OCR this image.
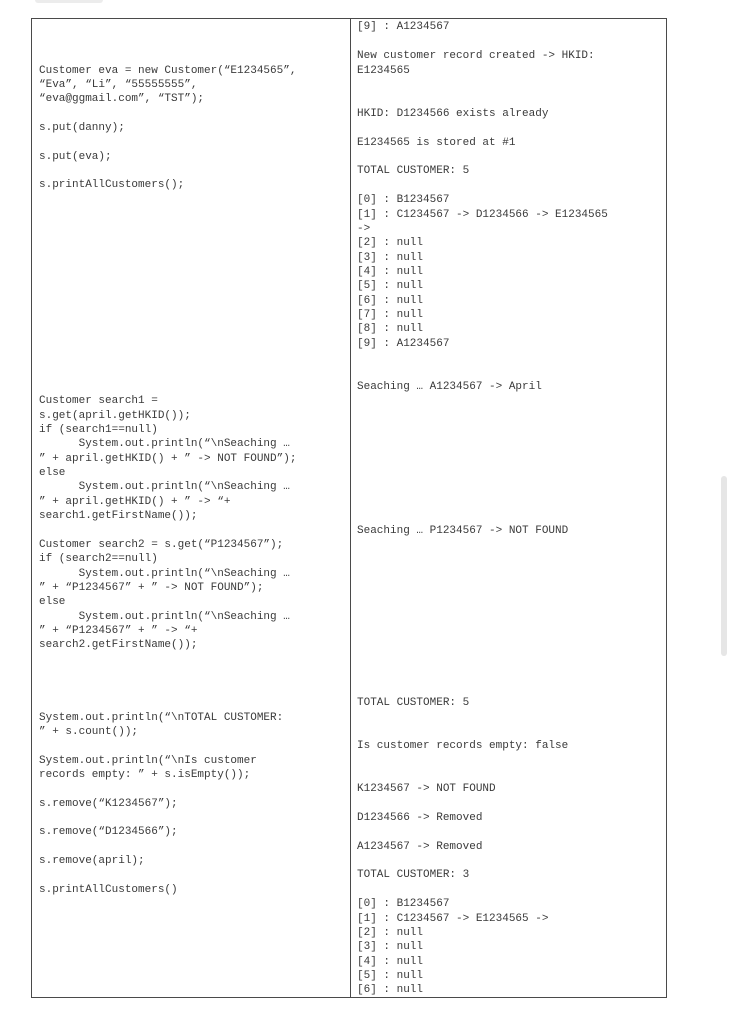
Customer eva = new Customer(“E1234565”,
“Eva”, “Li”, “55555555”,
“eva@ggmail.com”, “TST”);
s.put(danny);
s.put(eva);
s.printAllCustomers();
Customer search1 =
s.get(april.getHKID());
if (search1==null)
System.out.println(“\nSeaching …
” + april.getHKID() + ” -> NOT FOUND”);
else
System.out.println(“\nSeaching …
” + april.getHKID() + ” -> “+
search1.getFirstName());
Customer search2 = s.get(“P1234567”);
if (search2==null)
System.out.println(“\nSeaching …
” + “P1234567” + ” -> NOT FOUND”);
else
System.out.println(“\nSeaching …
” + “P1234567” + ” -> “+
search2.getFirstName());
System.out.println(“\nTOTAL CUSTOMER:
” + s.count());
System.out.println(“\nIs customer
records empty: ” + s.isEmpty());
s.remove(“K1234567”);
s.remove(“D1234566”);
s.remove(april);
s.printAllCustomers()
[9] : A1234567
New customer record created -> HKID:
E1234565
HKID: D1234566 exists already
E1234565 is stored at #1
TOTAL CUSTOMER: 5
[0] : B1234567
[1] : C1234567 -> D1234566 -> E1234565
->
[2] : null
[3] : null
[4] : null
[5] : null
[6] : null
[7] : null
[8] : null
[9] : A1234567
Seaching … A1234567 -> April
Seaching … P1234567 -> NOT FOUND
TOTAL CUSTOMER: 5
Is customer records empty: false
K1234567 -> NOT FOUND
D1234566 -> Removed
A1234567 -> Removed
TOTAL CUSTOMER: 3
[0] : B1234567
[1] : C1234567 -> E1234565 ->
[2] : null
[3] : null
[4] : null
[5] : null
[6] : null
